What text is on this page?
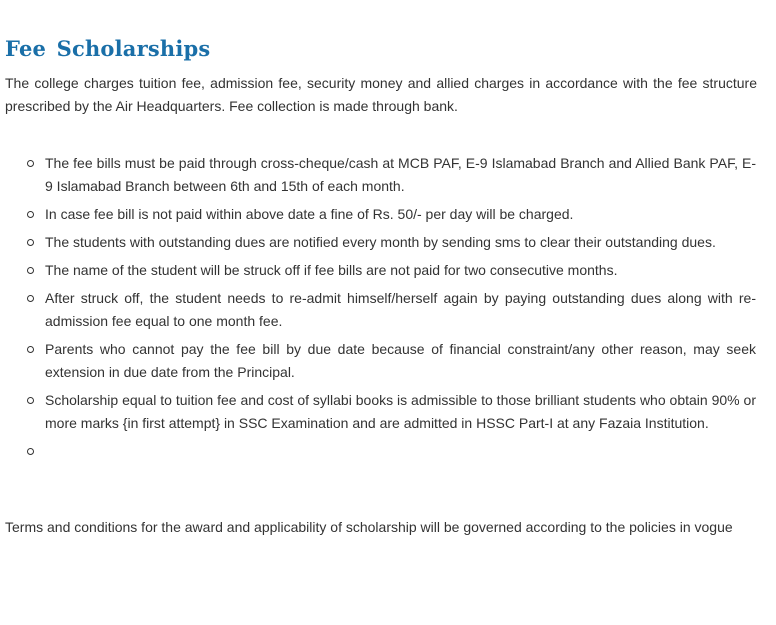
Fee Scholarships

The college charges tuition fee, admission fee, security money and allied charges in accordance with the fee structure prescribed by the Air Headquarters. Fee collection is made through bank.

The fee bills must be paid through cross-cheque/cash at MCB PAF, E-9 Islamabad Branch and Allied Bank PAF, E-9 Islamabad Branch between 6th and 15th of each month.
In case fee bill is not paid within above date a fine of Rs. 50/- per day will be charged.
The students with outstanding dues are notified every month by sending sms to clear their outstanding dues.
The name of the student will be struck off if fee bills are not paid for two consecutive months.
After struck off, the student needs to re-admit himself/herself again by paying outstanding dues along with re-admission fee equal to one month fee.
Parents who cannot pay the fee bill by due date because of financial constraint/any other reason, may seek extension in due date from the Principal.
Scholarship equal to tuition fee and cost of syllabi books is admissible to those brilliant students who obtain 90% or more marks {in first attempt} in SSC Examination and are admitted in HSSC Part-I at any Fazaia Institution.

Terms and conditions for the award and applicability of scholarship will be governed according to the policies in vogue
